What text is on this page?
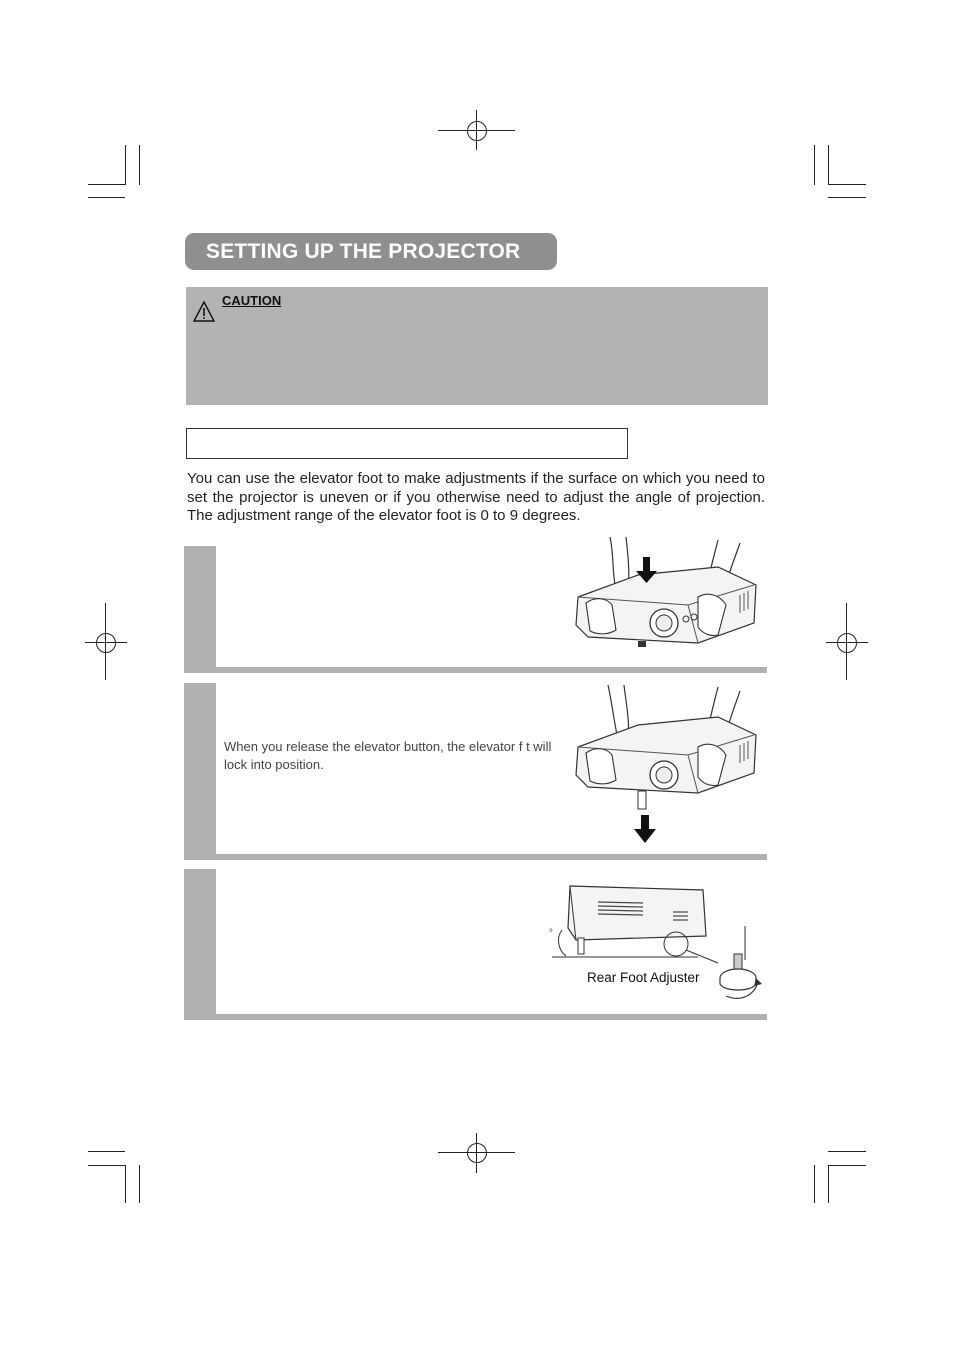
SETTING UP THE PROJECTOR
CAUTION
You can use the elevator foot to make adjustments if the surface on which you need to set the projector is uneven or if you otherwise need to adjust the angle of projection. The adjustment range of the elevator foot is 0 to 9 degrees.
When you release the elevator button, the elevator f t will lock into position.
°
Rear Foot Adjuster
